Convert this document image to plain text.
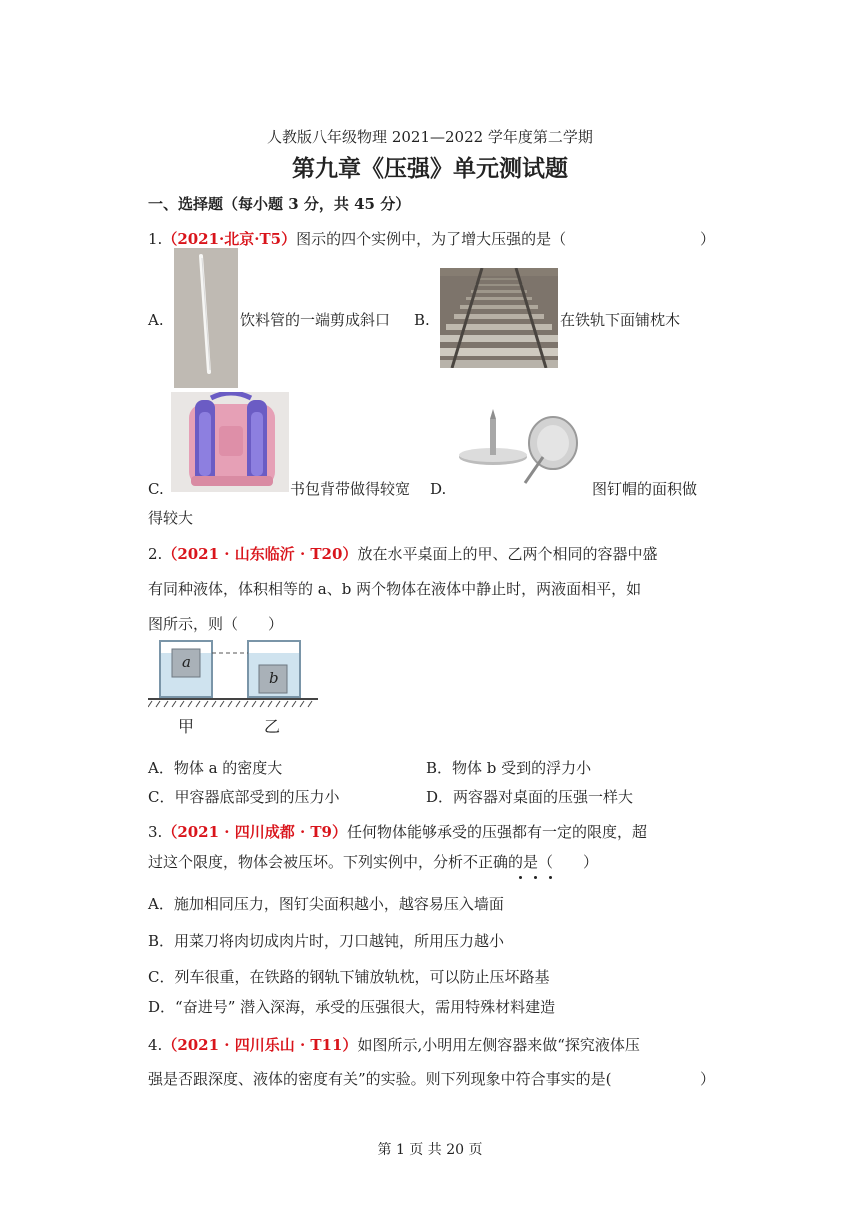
人教版八年级物理 2021—2022 学年度第二学期
第九章《压强》单元测试题
一、选择题（每小题 3 分，共 45 分）
1.（2021·北京·T5）图示的四个实例中，为了增大压强的是（	）
A.	饮料管的一端剪成斜口 B.	在铁轨下面铺枕木
C.	书包背带做得较宽 D.	图钉帽的面积做
得较大
2.（2021 · 山东临沂 · T20）放在水平桌面上的甲、乙两个相同的容器中盛
有同种液体，体积相等的 a、b 两个物体在液体中静止时，两液面相平，如
图所示，则（　　）
a
b
甲	乙
A．物体 a 的密度大	B．物体 b 受到的浮力小
C．甲容器底部受到的压力小	D．两容器对桌面的压强一样大
3.（2021 · 四川成都 · T9）任何物体能够承受的压强都有一定的限度，超
过这个限度，物体会被压坏。下列实例中，分析不正确的是（　　）
A．施加相同压力，图钉尖面积越小，越容易压入墙面
B．用菜刀将肉切成肉片时，刀口越钝，所用压力越小
C．列车很重，在铁路的钢轨下铺放轨枕，可以防止压坏路基
D．“奋进号” 潜入深海，承受的压强很大，需用特殊材料建造
4.（2021 · 四川乐山 · T11）如图所示,小明用左侧容器来做“探究液体压
强是否跟深度、液体的密度有关”的实验。则下列现象中符合事实的是(	）
第 1 页 共 20 页
